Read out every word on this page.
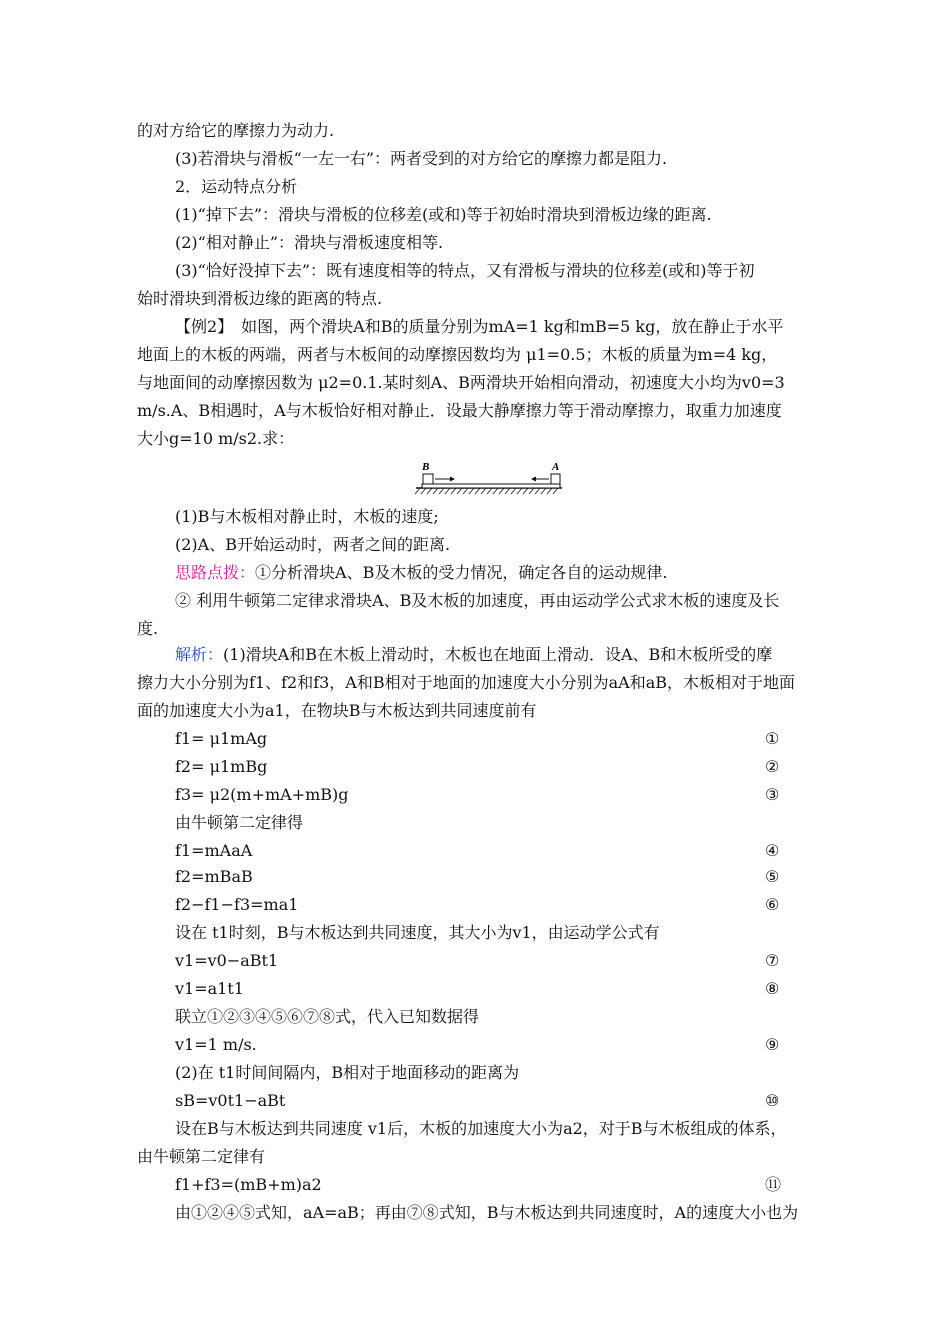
的对方给它的摩擦力为动力.
(3)若滑块与滑板“一左一右”：两者受到的对方给它的摩擦力都是阻力.
2．运动特点分析
(1)“掉下去”：滑块与滑板的位移差(或和)等于初始时滑块到滑板边缘的距离.
(2)“相对静止”：滑块与滑板速度相等.
(3)“恰好没掉下去”：既有速度相等的特点，又有滑板与滑块的位移差(或和)等于初
始时滑块到滑板边缘的距离的特点.
【例2】　如图，两个滑块A和B的质量分别为mA=1 kg和mB=5 kg，放在静止于水平
地面上的木板的两端，两者与木板间的动摩擦因数均为 μ1=0.5；木板的质量为m=4 kg，
与地面间的动摩擦因数为 μ2=0.1.某时刻A、B两滑块开始相向滑动，初速度大小均为v0=3
m/s.A、B相遇时，A与木板恰好相对静止．设最大静摩擦力等于滑动摩擦力，取重力加速度
大小g=10 m/s2.求：
B	A
(1)B与木板相对静止时，木板的速度;
(2)A、B开始运动时，两者之间的距离.
思路点拨：①分析滑块A、B及木板的受力情况，确定各自的运动规律.
② 利用牛顿第二定律求滑块A、B及木板的加速度，再由运动学公式求木板的速度及长
度.
解析：(1)滑块A和B在木板上滑动时，木板也在地面上滑动．设A、B和木板所受的摩
擦力大小分别为f1、f2和f3，A和B相对于地面的加速度大小分别为aA和aB，木板相对于地面
面的加速度大小为a1，在物块B与木板达到共同速度前有
f1= μ1mAg	①
f2= μ1mBg	②
f3= μ2(m+mA+mB)g	③
由牛顿第二定律得
f1=mAaA	④
f2=mBaB	⑤
f2−f1−f3=ma1	⑥
设在 t1时刻，B与木板达到共同速度，其大小为v1，由运动学公式有
v1=v0−aBt1	⑦
v1=a1t1	⑧
联立①②③④⑤⑥⑦⑧式，代入已知数据得
v1=1 m/s.	⑨
(2)在 t1时间间隔内，B相对于地面移动的距离为
sB=v0t1−aBt	⑩
设在B与木板达到共同速度 v1后，木板的加速度大小为a2，对于B与木板组成的体系，
由牛顿第二定律有
f1+f3=(mB+m)a2	⑪
由①②④⑤式知，aA=aB；再由⑦⑧式知，B与木板达到共同速度时，A的速度大小也为
